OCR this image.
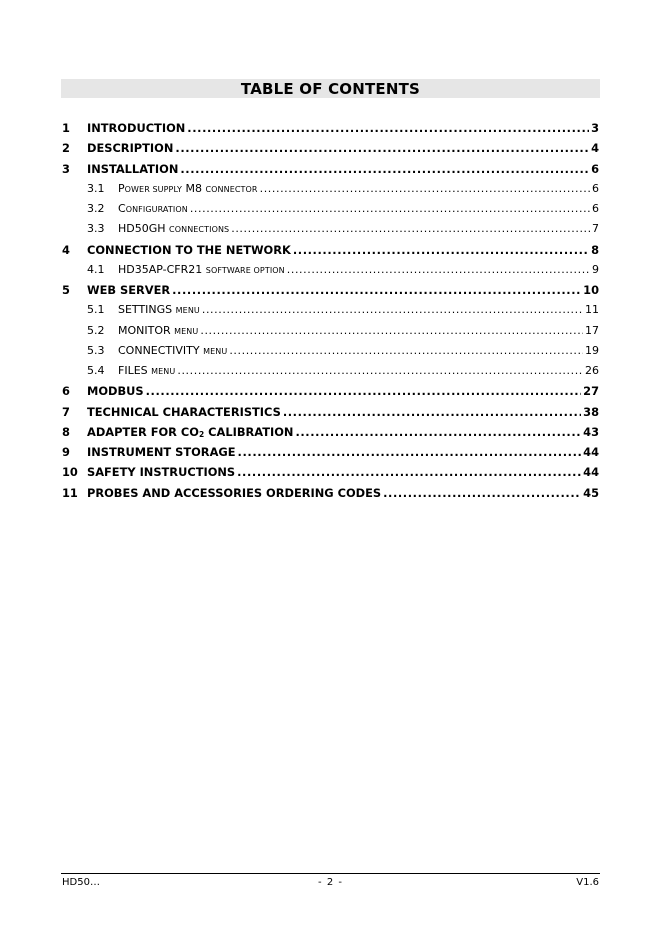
TABLE OF CONTENTS
1	INTRODUCTION .....	3
2	DESCRIPTION .....	4
3	INSTALLATION .....	6
3.1	POWER SUPPLY M8 CONNECTOR .....	6
3.2	CONFIGURATION .....	6
3.3	HD50GH CONNECTIONS .....	7
4	CONNECTION TO THE NETWORK .....	8
4.1	HD35AP-CFR21 SOFTWARE OPTION .....	9
5	WEB SERVER .....	10
5.1	SETTINGS MENU .....	11
5.2	MONITOR MENU .....	17
5.3	CONNECTIVITY MENU .....	19
5.4	FILES MENU .....	26
6	MODBUS .....	27
7	TECHNICAL CHARACTERISTICS .....	38
8	ADAPTER FOR $CO_2$ CALIBRATION .....	43
9	INSTRUMENT STORAGE .....	44
10 SAFETY INSTRUCTIONS .....	44
11 PROBES AND ACCESSORIES ORDERING CODES .....	45
HD50…	- 2 -	V1.6
